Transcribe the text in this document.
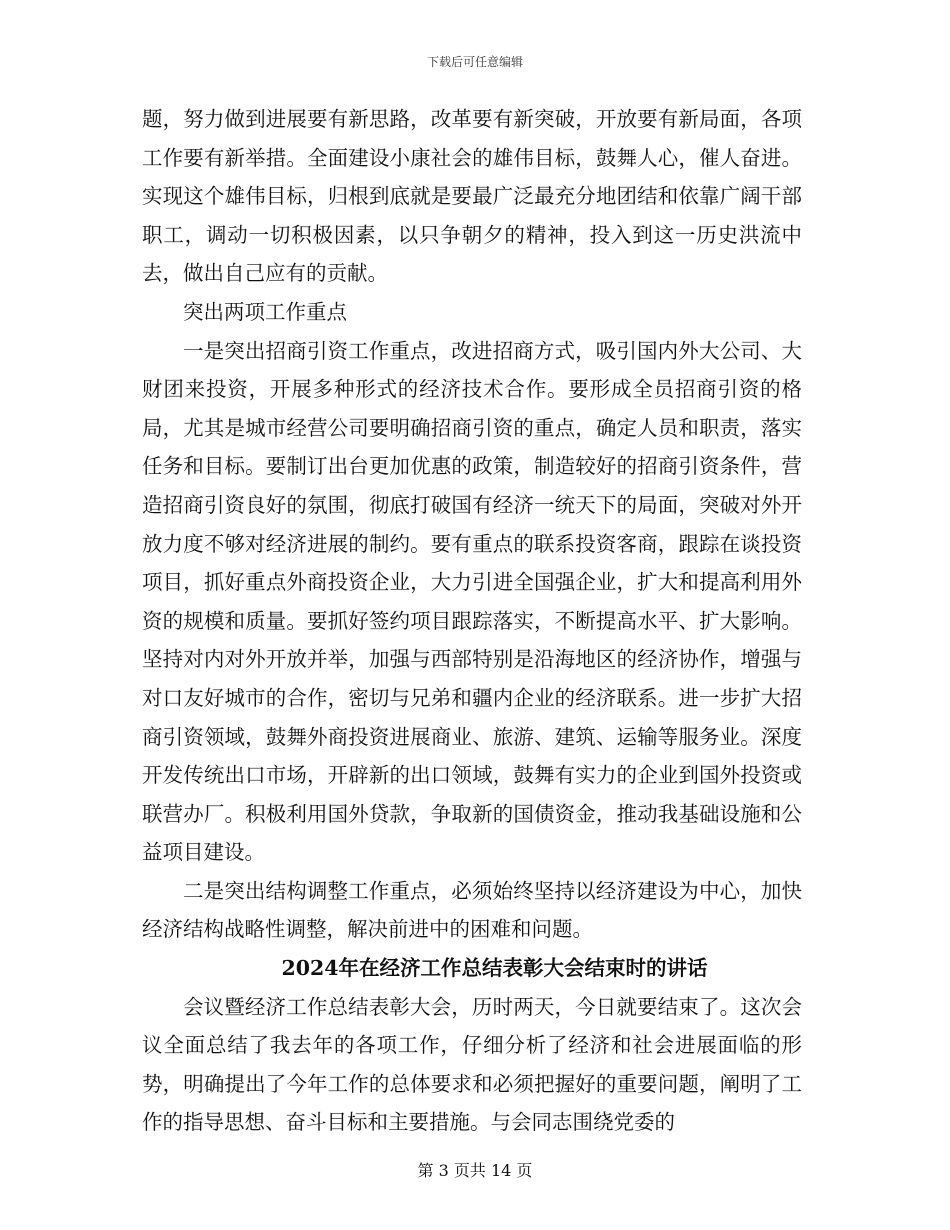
下载后可任意编辑

题，努力做到进展要有新思路，改革要有新突破，开放要有新局面，各项工作要有新举措。全面建设小康社会的雄伟目标，鼓舞人心，催人奋进。实现这个雄伟目标，归根到底就是要最广泛最充分地团结和依靠广阔干部职工，调动一切积极因素，以只争朝夕的精神，投入到这一历史洪流中去，做出自己应有的贡献。

突出两项工作重点

一是突出招商引资工作重点，改进招商方式，吸引国内外大公司、大财团来投资，开展多种形式的经济技术合作。要形成全员招商引资的格局，尤其是城市经营公司要明确招商引资的重点，确定人员和职责，落实任务和目标。要制订出台更加优惠的政策，制造较好的招商引资条件，营造招商引资良好的氛围，彻底打破国有经济一统天下的局面，突破对外开放力度不够对经济进展的制约。要有重点的联系投资客商，跟踪在谈投资项目，抓好重点外商投资企业，大力引进全国强企业，扩大和提高利用外资的规模和质量。要抓好签约项目跟踪落实，不断提高水平、扩大影响。坚持对内对外开放并举，加强与西部特别是沿海地区的经济协作，增强与对口友好城市的合作，密切与兄弟和疆内企业的经济联系。进一步扩大招商引资领域，鼓舞外商投资进展商业、旅游、建筑、运输等服务业。深度开发传统出口市场，开辟新的出口领域，鼓舞有实力的企业到国外投资或联营办厂。积极利用国外贷款，争取新的国债资金，推动我基础设施和公益项目建设。

二是突出结构调整工作重点，必须始终坚持以经济建设为中心，加快经济结构战略性调整，解决前进中的困难和问题。

2024年在经济工作总结表彰大会结束时的讲话

会议暨经济工作总结表彰大会，历时两天，今日就要结束了。这次会议全面总结了我去年的各项工作，仔细分析了经济和社会进展面临的形势，明确提出了今年工作的总体要求和必须把握好的重要问题，阐明了工作的指导思想、奋斗目标和主要措施。与会同志围绕党委的

第 3 页共 14 页
